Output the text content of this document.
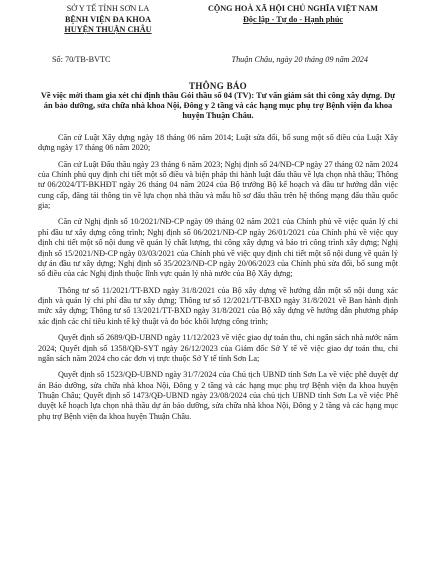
SỞ Y TẾ TỈNH SƠN LA
BỆNH VIỆN ĐA KHOA
HUYỆN THUẬN CHÂU
CỘNG HOÀ XÃ HỘI CHỦ NGHĨA VIỆT NAM
Độc lập - Tự do - Hạnh phúc
Số: 70/TB-BVTC	Thuận Châu, ngày 20 tháng 09 năm 2024
THÔNG BÁO
Về việc mời tham gia xét chỉ định thầu Gói thầu số 04 (TV): Tư vấn giám sát thi công xây dựng. Dự án bảo dưỡng, sửa chữa nhà khoa Nội, Đông y 2 tầng và các hạng mục phụ trợ Bệnh viện đa khoa huyện Thuận Châu.

Căn cứ Luật Xây dựng ngày 18 tháng 06 năm 2014; Luật sửa đổi, bổ sung một số điều của Luật Xây dựng ngày 17 tháng 06 năm 2020;

Căn cứ Luật Đấu thầu ngày 23 tháng 6 năm 2023; Nghị định số 24/NĐ-CP ngày 27 tháng 02 năm 2024 của Chính phủ quy định chi tiết một số điều và biện pháp thi hành luật đấu thầu về lựa chọn nhà thầu; Thông tư 06/2024/TT-BKHĐT ngày 26 tháng 04 năm 2024 của Bộ trưởng Bộ kế hoạch và đầu tư hướng dẫn việc cung cấp, đăng tải thông tin về lựa chọn nhà thầu và mẫu hồ sơ đấu thầu trên hệ thống mạng đấu thầu quốc gia;

Căn cứ Nghị định số 10/2021/NĐ-CP ngày 09 tháng 02 năm 2021 của Chính phủ về việc quản lý chi phí đầu tư xây dựng công trình; Nghị định số 06/2021/NĐ-CP ngày 26/01/2021 của Chính phủ về việc quy định chi tiết một số nội dung về quản lý chất lượng, thi công xây dựng và bảo trì công trình xây dựng; Nghị định số 15/2021/NĐ-CP ngày 03/03/2021 của Chính phủ về việc quy định chi tiết một số nội dung về quản lý dự án đầu tư xây dựng; Nghị định số 35/2023/NĐ-CP ngày 20/06/2023 của Chính phủ sửa đổi, bổ sung một số điều của các Nghị định thuộc lĩnh vực quản lý nhà nước của Bộ Xây dựng;

Thông tư số 11/2021/TT-BXD ngày 31/8/2021 của Bộ xây dựng về hướng dẫn một số nội dung xác định và quản lý chi phí đầu tư xây dựng; Thông tư số 12/2021/TT-BXD ngày 31/8/2021 về Ban hành định mức xây dựng; Thông tư số 13/2021/TT-BXD ngày 31/8/2021 của Bộ xây dựng về hướng dẫn phương pháp xác định các chỉ tiêu kinh tế kỹ thuật và đo bóc khối lượng công trình;

Quyết định số 2689/QĐ-UBND ngày 11/12/2023 về việc giao dự toán thu, chi ngân sách nhà nước năm 2024; Quyết định số 1358/QĐ-SYT ngày 26/12/2023 của Giám đốc Sở Y tế về việc giao dự toán thu, chi ngân sách năm 2024 cho các đơn vị trực thuộc Sở Y tế tỉnh Sơn La;

Quyết định số 1523/QĐ-UBND ngày 31/7/2024 của Chủ tịch UBND tỉnh Sơn La về việc phê duyệt dự án Bảo dưỡng, sửa chữa nhà khoa Nội, Đông y 2 tầng và các hạng mục phụ trợ Bệnh viện đa khoa huyện Thuận Châu; Quyết định số 1473/QĐ-UBND ngày 23/08/2024 của chủ tịch UBND tỉnh Sơn La về việc Phê duyệt kế hoạch lựa chọn nhà thầu dự án bảo dưỡng, sửa chữa nhà khoa Nội, Đông y 2 tầng và các hạng mục phụ trợ Bệnh viện đa khoa huyện Thuận Châu.
